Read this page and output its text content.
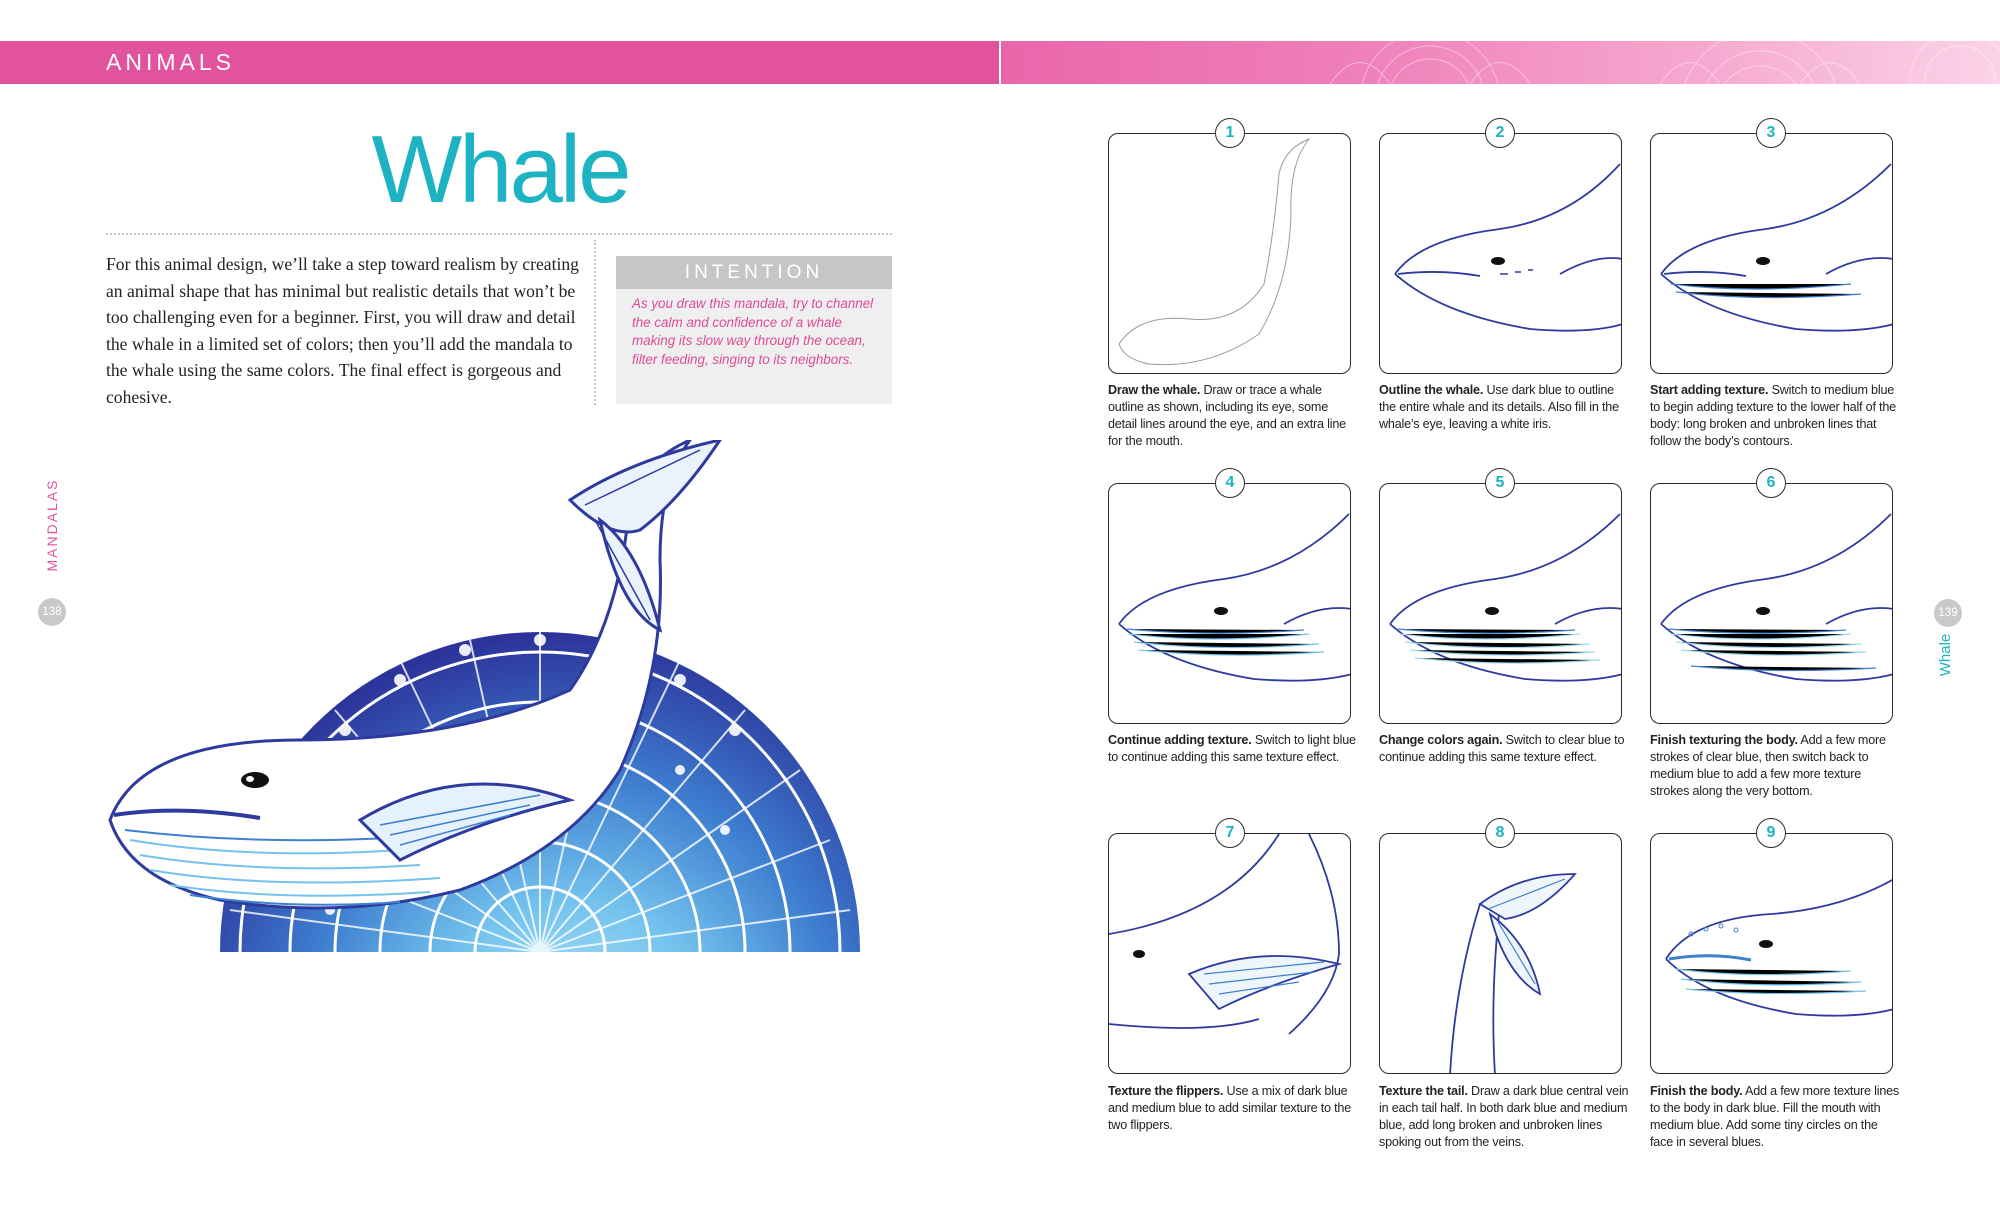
ANIMALS
Whale
For this animal design, we’ll take a step toward realism by creating an animal shape that has minimal but realistic details that won’t be too challenging even for a beginner. First, you will draw and detail the whale in a limited set of colors; then you’ll add the mandala to the whale using the same colors. The final effect is gorgeous and cohesive.
INTENTION
As you draw this mandala, try to channel the calm and confidence of a whale making its slow way through the ocean, filter feeding, singing to its neighbors.
MANDALAS
138	139
Whale
1
Draw the whale. Draw or trace a whale outline as shown, including its eye, some detail lines around the eye, and an extra line for the mouth.
2
Outline the whale. Use dark blue to outline the entire whale and its details. Also fill in the whale’s eye, leaving a white iris.
3
Start adding texture. Switch to medium blue to begin adding texture to the lower half of the body: long broken and unbroken lines that follow the body’s contours.
4
Continue adding texture. Switch to light blue to continue adding this same texture effect.
5
Change colors again. Switch to clear blue to continue adding this same texture effect.
6
Finish texturing the body. Add a few more strokes of clear blue, then switch back to medium blue to add a few more texture strokes along the very bottom.
7
Texture the flippers. Use a mix of dark blue and medium blue to add similar texture to the two flippers.
8
Texture the tail. Draw a dark blue central vein in each tail half. In both dark blue and medium blue, add long broken and unbroken lines spoking out from the veins.
9
Finish the body. Add a few more texture lines to the body in dark blue. Fill the mouth with medium blue. Add some tiny circles on the face in several blues.
